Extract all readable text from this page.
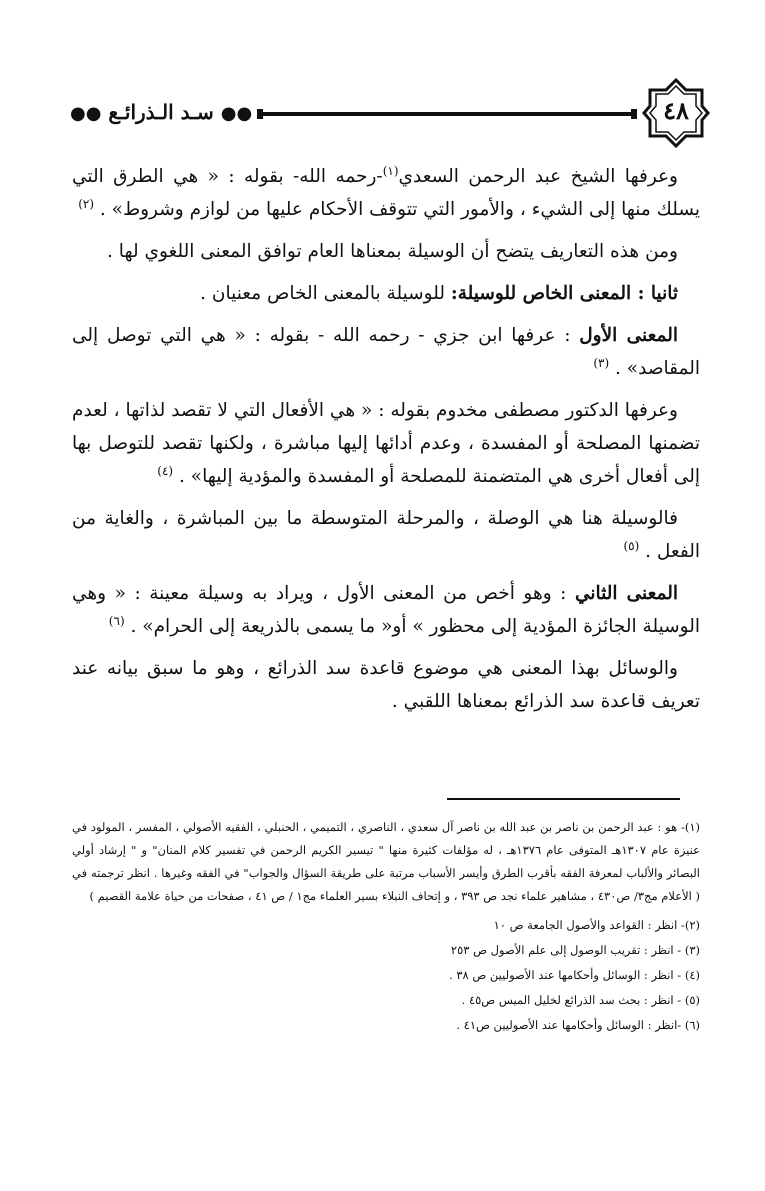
●● سـد الـذرائـع ●●	٤٨

وعرفها الشيخ عبد الرحمن السعدي$^{(١)}$-رحمه الله- بقوله : « هي الطرق التي يسلك منها إلى الشيء ، والأمور التي تتوقف الأحكام عليها من لوازم وشروط» . $^{(٢)}$

ومن هذه التعاريف يتضح أن الوسيلة بمعناها العام توافق المعنى اللغوي لها .

ثانيا : المعنى الخاص للوسيلة: للوسيلة بالمعنى الخاص معنيان .

المعنى الأول : عرفها ابن جزي - رحمه الله - بقوله : « هي التي توصل إلى المقاصد» . $^{(٣)}$

وعرفها الدكتور مصطفى مخدوم بقوله : « هي الأفعال التي لا تقصد لذاتها ، لعدم تضمنها المصلحة أو المفسدة ، وعدم أدائها إليها مباشرة ، ولكنها تقصد للتوصل بها إلى أفعال أخرى هي المتضمنة للمصلحة أو المفسدة والمؤدية إليها» . $^{(٤)}$

فالوسيلة هنا هي الوصلة ، والمرحلة المتوسطة ما بين المباشرة ، والغاية من الفعل . $^{(٥)}$

المعنى الثاني : وهو أخص من المعنى الأول ، ويراد به وسيلة معينة : « وهي الوسيلة الجائزة المؤدية إلى محظور » أو« ما يسمى بالذريعة إلى الحرام» . $^{(٦)}$

والوسائل بهذا المعنى هي موضوع قاعدة سد الذرائع ، وهو ما سبق بيانه عند تعريف قاعدة سد الذرائع بمعناها اللقبي .

(١)- هو : عبد الرحمن بن ناصر بن عبد الله بن ناصر آل سعدي ، الناصري ، التميمي ، الحنبلي ، الفقيه الأصولي ، المفسر ، المولود في عنيزة عام ١٣٠٧هـ المتوفى عام ١٣٧٦هـ ، له مؤلفات كثيرة منها " تيسير الكريم الرحمن في تفسير كلام المنان" و " إرشاد أولي البصائر والألباب لمعرفة الفقه بأقرب الطرق وأيسر الأسباب مرتبة على طريقة السؤال والجواب" في الفقه وغيرها . انظر ترجمته في ( الأعلام مج٣/ ص٤٣٠ ، مشاهير علماء نجد ص ٣٩٣ ، و إتحاف النبلاء بسير العلماء مج١ / ص ٤١ ، صفحات من حياة علامة القصيم )

(٢)- انظر : القواعد والأصول الجامعة ص ١٠

(٣) - انظر : تقريب الوصول إلى علم الأصول ص ٢٥٣

(٤) - انظر : الوسائل وأحكامها عند الأصوليين ص ٣٨ .

(٥) - انظر : بحث سد الذرائع لخليل الميس ص٤٥ .

(٦) -انظر : الوسائل وأحكامها عند الأصوليين ص٤١ .
